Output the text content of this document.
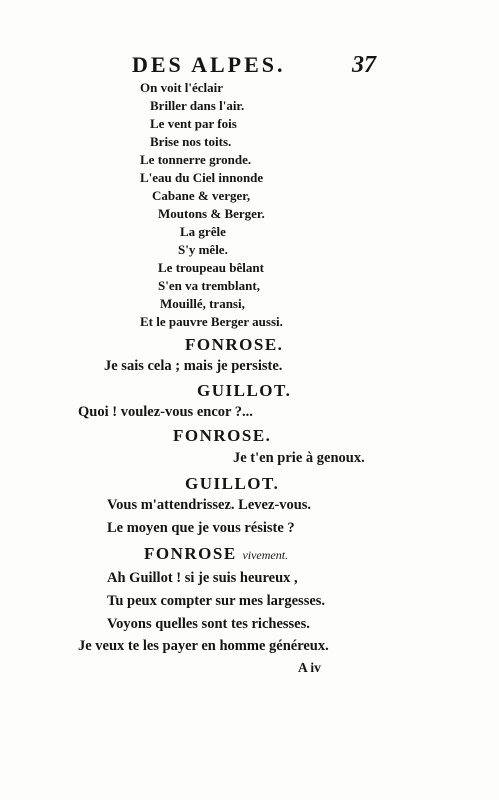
DES ALPES.	37
On voit l'éclair
Briller dans l'air.
Le vent par fois
Brise nos toits.
Le tonnerre gronde.
L'eau du Ciel innonde
Cabane & verger,
Moutons & Berger.
La grêle
S'y mêle.
Le troupeau bêlant
S'en va tremblant,
Mouillé, transi,
Et le pauvre Berger aussi.
FONROSE.
Je sais cela ; mais je persiste.
GUILLOT.
Quoi ! voulez-vous encor ?...
FONROSE.
Je t'en prie à genoux.
GUILLOT.
Vous m'attendrissez. Levez-vous.
Le moyen que je vous résiste ?
FONROSE vivement.
Ah Guillot ! si je suis heureux ,
Tu peux compter sur mes largesses.
Voyons quelles sont tes richesses.
Je veux te les payer en homme généreux.
A iv
